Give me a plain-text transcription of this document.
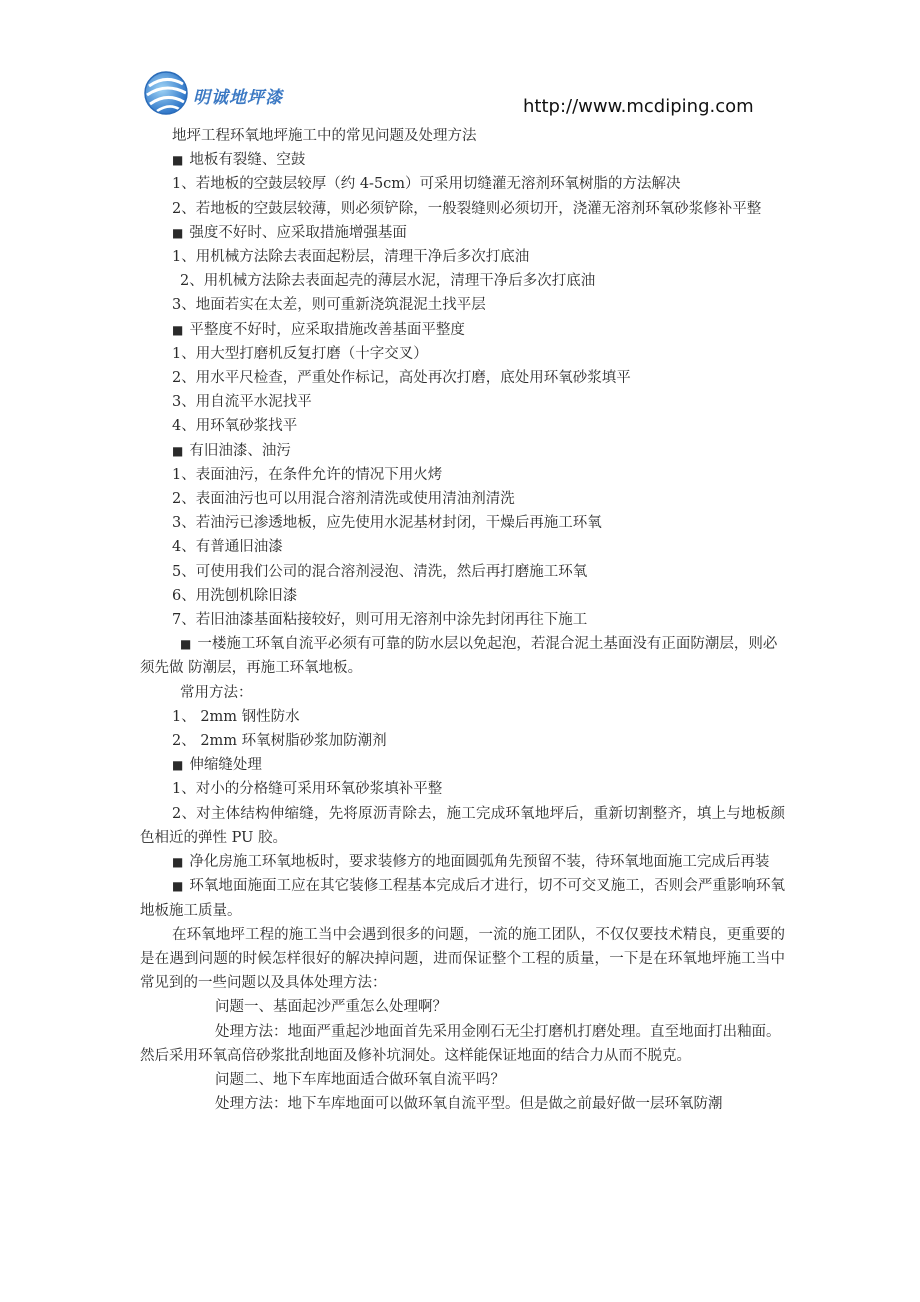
明诚地坪漆	http://www.mcdiping.com

地坪工程环氧地坪施工中的常见问题及处理方法

■ 地板有裂缝、空鼓

1、若地板的空鼓层较厚（约 4-5cm）可采用切缝灌无溶剂环氧树脂的方法解决

2、若地板的空鼓层较薄，则必须铲除，一般裂缝则必须切开，浇灌无溶剂环氧砂浆修补平整

■ 强度不好时、应采取措施增强基面

1、用机械方法除去表面起粉层，清理干净后多次打底油

2、用机械方法除去表面起壳的薄层水泥，清理干净后多次打底油

3、地面若实在太差，则可重新浇筑混泥土找平层

■ 平整度不好时，应采取措施改善基面平整度

1、用大型打磨机反复打磨（十字交叉）

2、用水平尺检查，严重处作标记，高处再次打磨，底处用环氧砂浆填平

3、用自流平水泥找平

4、用环氧砂浆找平

■ 有旧油漆、油污

1、表面油污，在条件允许的情况下用火烤

2、表面油污也可以用混合溶剂清洗或使用清油剂清洗

3、若油污已渗透地板，应先使用水泥基材封闭，干燥后再施工环氧

4、有普通旧油漆

5、可使用我们公司的混合溶剂浸泡、清洗，然后再打磨施工环氧

6、用洗刨机除旧漆

7、若旧油漆基面粘接较好，则可用无溶剂中涂先封闭再往下施工

■ 一楼施工环氧自流平必须有可靠的防水层以免起泡，若混合泥土基面没有正面防潮层，则必须先做 防潮层，再施工环氧地板。

常用方法：

1、 2mm 钢性防水

2、 2mm 环氧树脂砂浆加防潮剂

■ 伸缩缝处理

1、对小的分格缝可采用环氧砂浆填补平整

2、对主体结构伸缩缝，先将原沥青除去，施工完成环氧地坪后，重新切割整齐，填上与地板颜色相近的弹性 PU 胶。

■ 净化房施工环氧地板时，要求装修方的地面圆弧角先预留不装，待环氧地面施工完成后再装

■ 环氧地面施面工应在其它装修工程基本完成后才进行，切不可交叉施工，否则会严重影响环氧地板施工质量。

在环氧地坪工程的施工当中会遇到很多的问题，一流的施工团队，不仅仅要技术精良，更重要的是在遇到问题的时候怎样很好的解决掉问题，进而保证整个工程的质量，一下是在环氧地坪施工当中常见到的一些问题以及具体处理方法：

问题一、基面起沙严重怎么处理啊？

处理方法：地面严重起沙地面首先采用金刚石无尘打磨机打磨处理。直至地面打出釉面。然后采用环氧高倍砂浆批刮地面及修补坑洞处。这样能保证地面的结合力从而不脱克。

问题二、地下车库地面适合做环氧自流平吗？

处理方法：地下车库地面可以做环氧自流平型。但是做之前最好做一层环氧防潮
